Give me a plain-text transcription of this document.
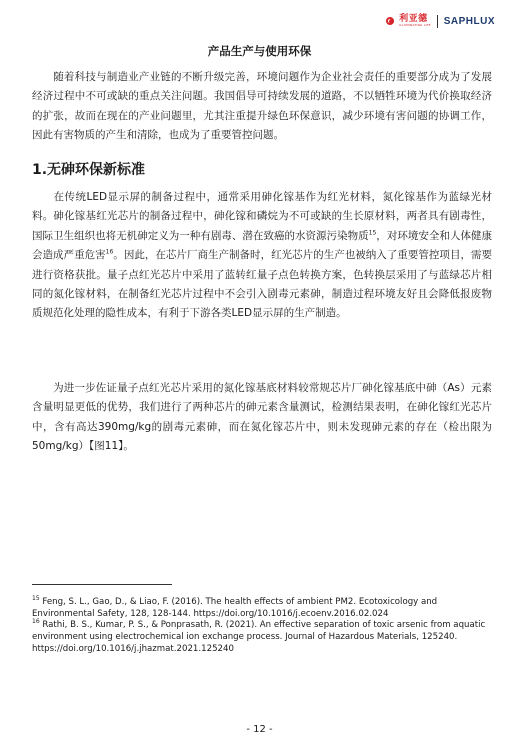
利亚德
ILLUMINATING LIFE SAPHLUX
产品生产与使用环保

随着科技与制造业产业链的不断升级完善，环境问题作为企业社会责任的重要部分成为了发展经济过程中不可或缺的重点关注问题。我国倡导可持续发展的道路，不以牺牲环境为代价换取经济的扩张，故而在现在的产业问题里，尤其注重提升绿色环保意识，减少环境有害问题的协调工作，因此有害物质的产生和清除，也成为了重要管控问题。

1.无砷环保新标准

在传统LED显示屏的制备过程中，通常采用砷化镓基作为红光材料，氮化镓基作为蓝绿光材料。砷化镓基红光芯片的制备过程中，砷化镓和磷烷为不可或缺的生长原材料，两者具有剧毒性，国际卫生组织也将无机砷定义为一种有剧毒、潜在致癌的水资源污染物质$^{15}$，对环境安全和人体健康会造成严重危害$^{16}$。因此，在芯片厂商生产制备时，红光芯片的生产也被纳入了重要管控项目，需要进行资格获批。量子点红光芯片中采用了蓝转红量子点色转换方案，色转换层采用了与蓝绿芯片相同的氮化镓材料，在制备红光芯片过程中不会引入剧毒元素砷，制造过程环境友好且会降低报废物质规范化处理的隐性成本，有利于下游各类LED显示屏的生产制造。

为进一步佐证量子点红光芯片采用的氮化镓基底材料较常规芯片厂砷化镓基底中砷（As）元素含量明显更低的优势，我们进行了两种芯片的砷元素含量测试，检测结果表明，在砷化镓红光芯片中，含有高达390mg/kg的剧毒元素砷，而在氮化镓芯片中，则未发现砷元素的存在（检出限为50mg/kg）【图11】。

$^{15}$ Feng, S. L., Gao, D., & Liao, F. (2016). The health effects of ambient PM2. Ecotoxicology and Environmental Safety, 128, 128-144. https://doi.org/10.1016/j.ecoenv.2016.02.024

$^{16}$ Rathi, B. S., Kumar, P. S., & Ponprasath, R. (2021). An effective separation of toxic arsenic from aquatic environment using electrochemical ion exchange process. Journal of Hazardous Materials, 125240. https://doi.org/10.1016/j.jhazmat.2021.125240

- 12 -
